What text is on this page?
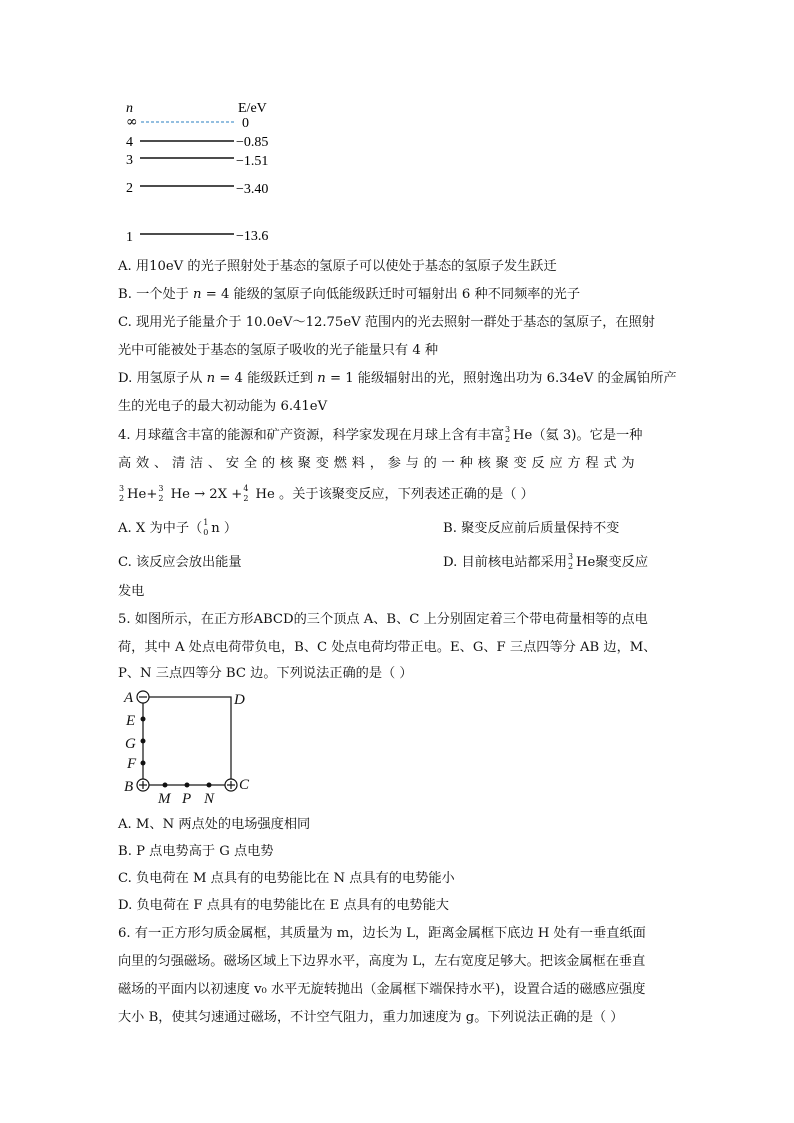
n	E/eV
∞	0
4	−0.85
3	−1.51
2	−3.40
1	−13.6
A. 用10eV 的光子照射处于基态的氢原子可以使处于基态的氢原子发生跃迁
B. 一个处于 n = 4 能级的氢原子向低能级跃迁时可辐射出 6 种不同频率的光子
C. 现用光子能量介于 10.0eV～12.75eV 范围内的光去照射一群处于基态的氢原子，在照射
光中可能被处于基态的氢原子吸收的光子能量只有 4 种
D. 用氢原子从 n = 4 能级跃迁到 n = 1 能级辐射出的光，照射逸出功为 6.34eV 的金属铂所产
生的光电子的最大初动能为 6.41eV
4. 月球蕴含丰富的能源和矿产资源，科学家发现在月球上含有丰富 3
2 He（氦 3)。它是一种
高 效 、 清 洁 、 安 全 的 核 聚 变 燃 料 ， 参 与 的 一 种 核 聚 变 反 应 方 程 式 为
3
2 He+ 3
2 He → 2X + 4
2 He 。关于该聚变反应，下列表述正确的是（ ）
A. X 为中子（ 1
0 n ）	B. 聚变反应前后质量保持不变
C. 该反应会放出能量	D. 目前核电站都采用 3
2 He聚变反应
发电
5. 如图所示，在正方形ABCD的三个顶点 A、B、C 上分别固定着三个带电荷量相等的点电
荷，其中 A 处点电荷带负电，B、C 处点电荷均带正电。E、G、F 三点四等分 AB 边，M、
P、N 三点四等分 BC 边。下列说法正确的是（ ）
A	D
E
G
F
B	C
M P N
A. M、N 两点处的电场强度相同
B. P 点电势高于 G 点电势
C. 负电荷在 M 点具有的电势能比在 N 点具有的电势能小
D. 负电荷在 F 点具有的电势能比在 E 点具有的电势能大
6. 有一正方形匀质金属框，其质量为 m，边长为 L，距离金属框下底边 H 处有一垂直纸面
向里的匀强磁场。磁场区域上下边界水平，高度为 L，左右宽度足够大。把该金属框在垂直
磁场的平面内以初速度 v₀ 水平无旋转抛出（金属框下端保持水平)，设置合适的磁感应强度
大小 B，使其匀速通过磁场，不计空气阻力，重力加速度为 g。下列说法正确的是（ ）
